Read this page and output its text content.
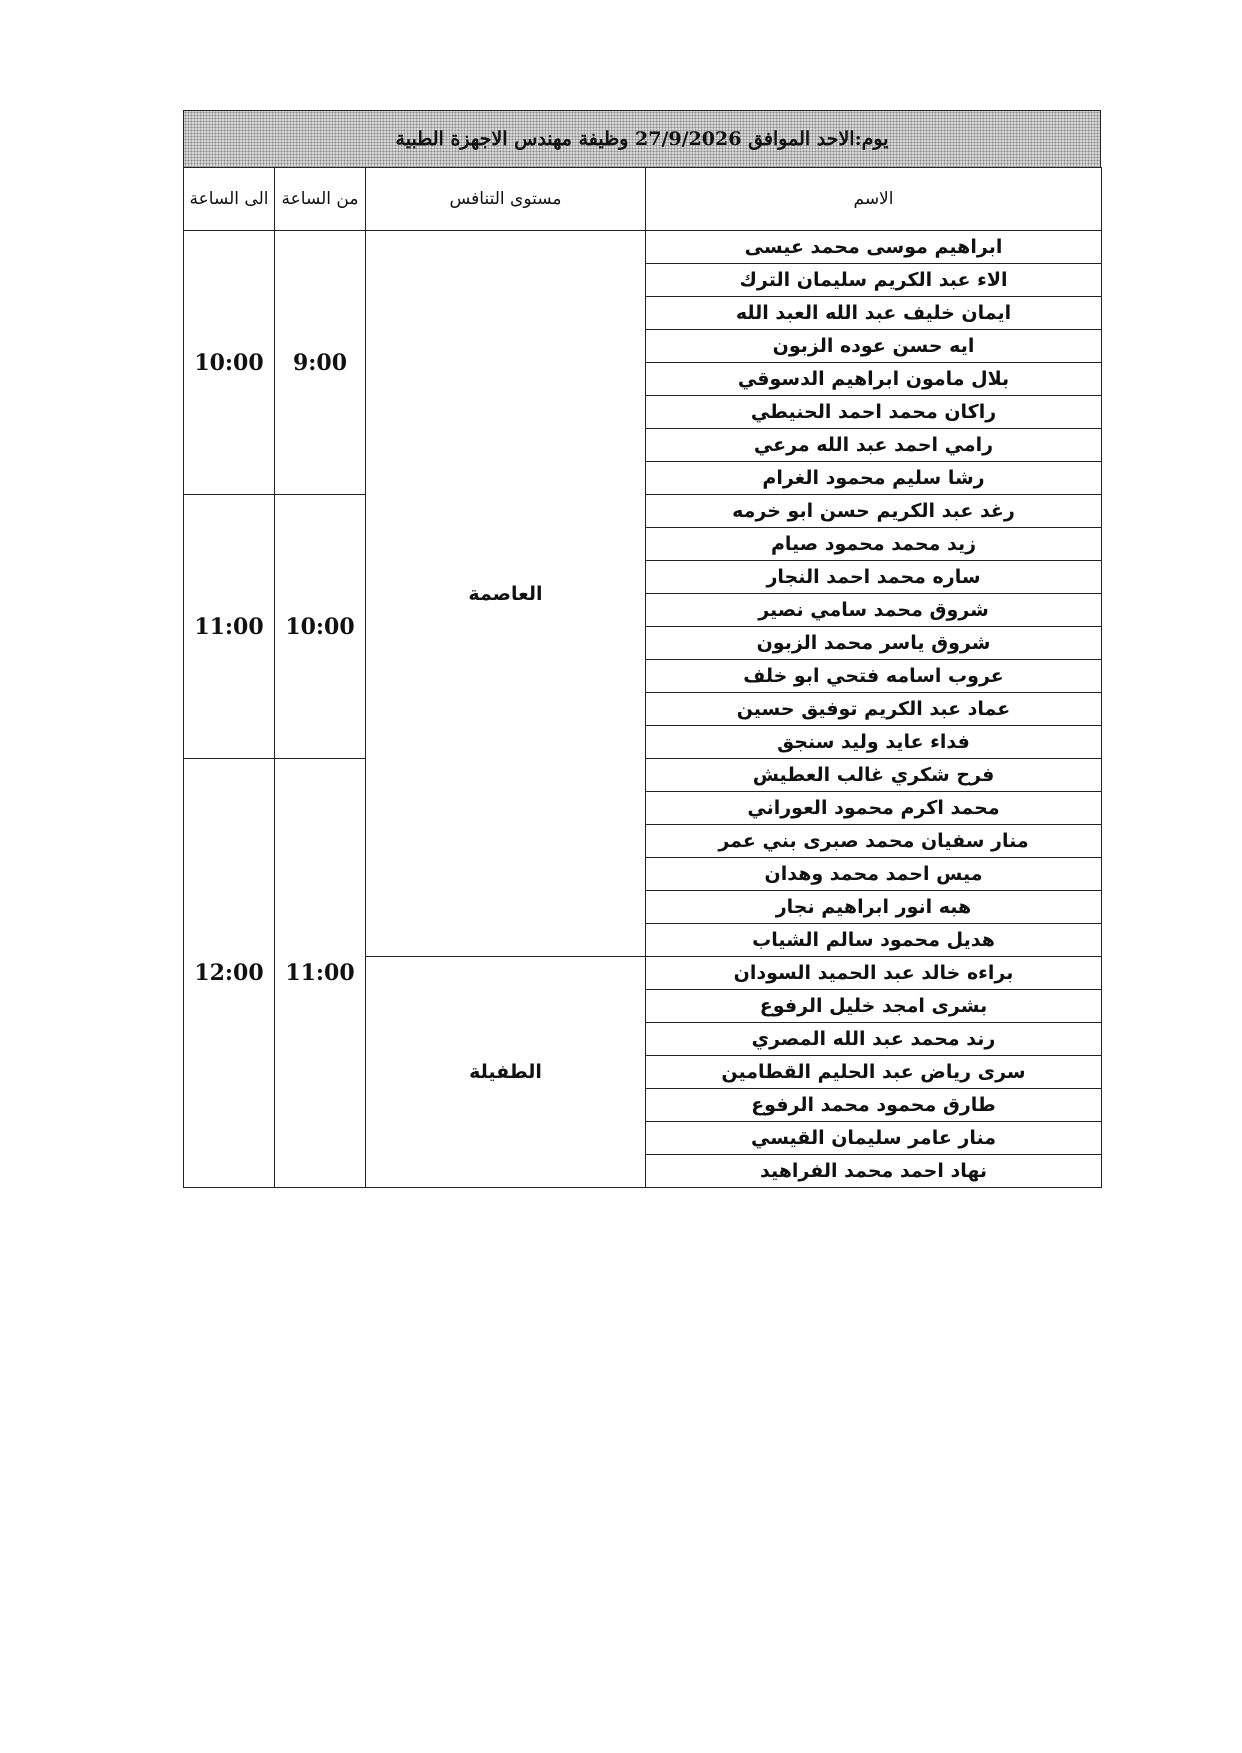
يوم:الاحد الموافق 27/9/2026 وظيفة مهندس الاجهزة الطبية
الاسم	مستوى التنافس	من الساعة	الى الساعة
ابراهيم موسى محمد عيسى	العاصمة	9:00	10:00
الاء عبد الكريم سليمان الترك			
ايمان خليف عبد الله العبد الله			
ايه حسن عوده الزبون			
بلال مامون ابراهيم الدسوقي			
راكان محمد احمد الحنيطي			
رامي احمد عبد الله مرعي			
رشا سليم محمود الغرام			
رغد عبد الكريم حسن ابو خرمه		10:00	11:00
زيد محمد محمود صيام			
ساره محمد احمد النجار			
شروق محمد سامي نصير			
شروق ياسر محمد الزبون			
عروب اسامه فتحي ابو خلف			
عماد عبد الكريم توفيق حسين			
فداء عايد وليد سنجق			
فرح شكري غالب العطيش		11:00	12:00
محمد اكرم محمود العوراني			
منار سفيان محمد صبرى بني عمر			
ميس احمد محمد وهدان			
هبه انور ابراهيم نجار			
هديل محمود سالم الشياب			
براءه خالد عبد الحميد السودان	الطفيلة		
بشرى امجد خليل الرفوع			
رند محمد عبد الله المصري			
سرى رياض عبد الحليم القطامين			
طارق محمود محمد الرفوع			
منار عامر سليمان القيسي			
نهاد احمد محمد الفراهيد			
